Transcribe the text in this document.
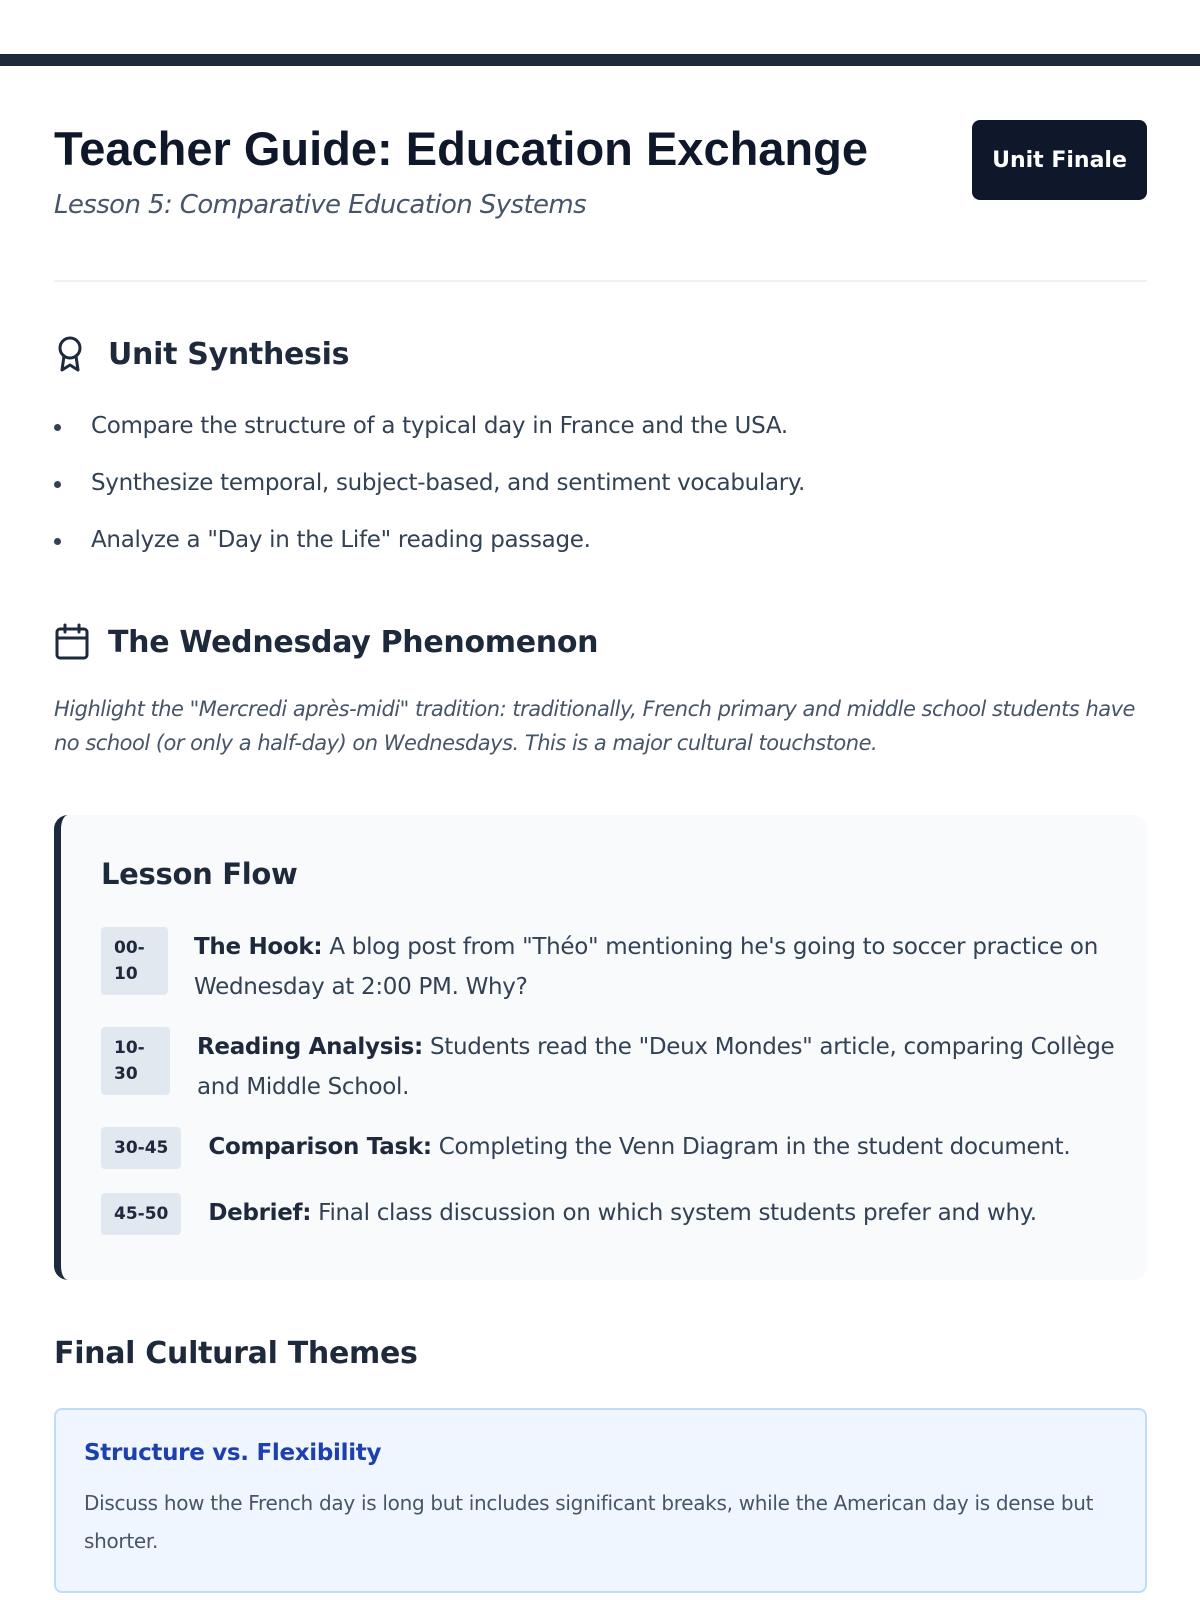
Teacher Guide: Education Exchange
Lesson 5: Comparative Education Systems
Unit Finale
Unit Synthesis
Compare the structure of a typical day in France and the USA.
Synthesize temporal, subject-based, and sentiment vocabulary.
Analyze a "Day in the Life" reading passage.
The Wednesday Phenomenon

Highlight the "Mercredi après-midi" tradition: traditionally, French primary and middle school students have no school (or only a half-day) on Wednesdays. This is a major cultural touchstone.

Lesson Flow
00-10

The Hook: A blog post from "Théo" mentioning he's going to soccer practice on Wednesday at 2:00 PM. Why?

10-30

Reading Analysis: Students read the "Deux Mondes" article, comparing Collège and Middle School.

30-45	Comparison Task: Completing the Venn Diagram in the student document.

45-50	Debrief: Final class discussion on which system students prefer and why.

Final Cultural Themes
Structure vs. Flexibility

Discuss how the French day is long but includes significant breaks, while the American day is dense but shorter.
